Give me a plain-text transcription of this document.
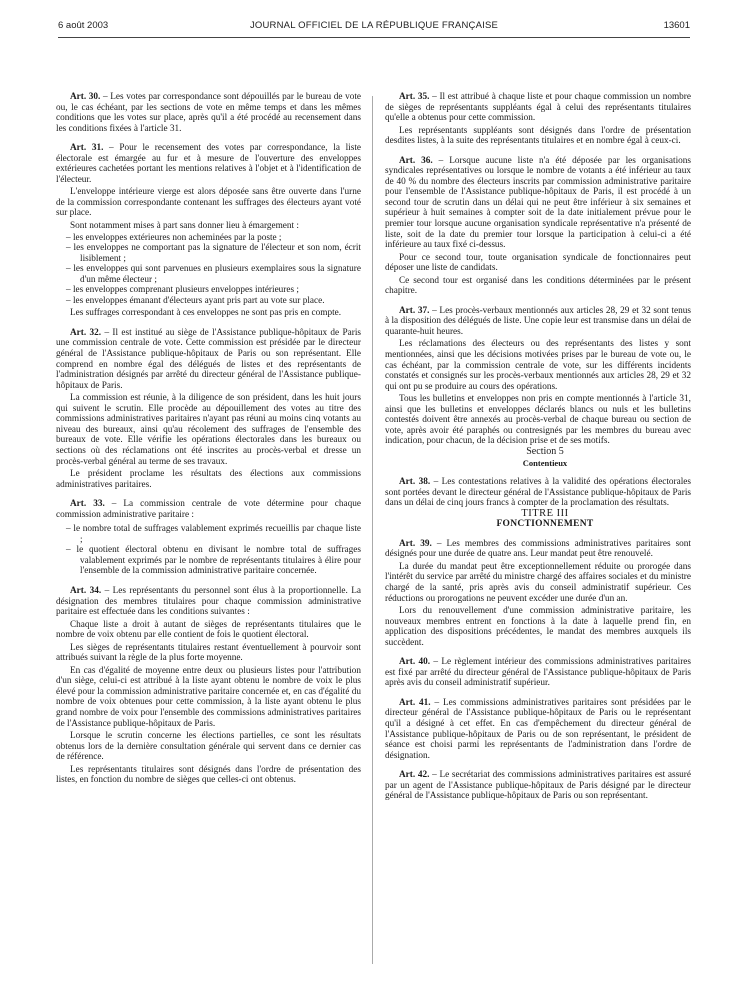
6 août 2003	JOURNAL OFFICIEL DE LA RÉPUBLIQUE FRANÇAISE	13601

Art. 30. – Les votes par correspondance sont dépouillés par le bureau de vote ou, le cas échéant, par les sections de vote en même temps et dans les mêmes conditions que les votes sur place, après qu'il a été procédé au recensement dans les conditions fixées à l'article 31.

Art. 31. – Pour le recensement des votes par correspondance, la liste électorale est émargée au fur et à mesure de l'ouverture des enveloppes extérieures cachetées portant les mentions relatives à l'objet et à l'identification de l'électeur.

L'enveloppe intérieure vierge est alors déposée sans être ouverte dans l'urne de la commission correspondante contenant les suffrages des électeurs ayant voté sur place.

Sont notamment mises à part sans donner lieu à émargement :

– les enveloppes extérieures non acheminées par la poste ;
– les enveloppes ne comportant pas la signature de l'électeur et son nom, écrit lisiblement ;
– les enveloppes qui sont parvenues en plusieurs exemplaires sous la signature d'un même électeur ;
– les enveloppes comprenant plusieurs enveloppes intérieures ;
– les enveloppes émanant d'électeurs ayant pris part au vote sur place.

Les suffrages correspondant à ces enveloppes ne sont pas pris en compte.

Art. 32. – Il est institué au siège de l'Assistance publique-hôpitaux de Paris une commission centrale de vote. Cette commission est présidée par le directeur général de l'Assistance publique-hôpitaux de Paris ou son représentant. Elle comprend en nombre égal des délégués de listes et des représentants de l'administration désignés par arrêté du directeur général de l'Assistance publique-hôpitaux de Paris.

La commission est réunie, à la diligence de son président, dans les huit jours qui suivent le scrutin. Elle procède au dépouillement des votes au titre des commissions administratives paritaires n'ayant pas réuni au moins cinq votants au niveau des bureaux, ainsi qu'au récolement des suffrages de l'ensemble des bureaux de vote. Elle vérifie les opérations électorales dans les bureaux ou sections où des réclamations ont été inscrites au procès-verbal et dresse un procès-verbal général au terme de ses travaux.

Le président proclame les résultats des élections aux commissions administratives paritaires.

Art. 33. – La commission centrale de vote détermine pour chaque commission administrative paritaire :

– le nombre total de suffrages valablement exprimés recueillis par chaque liste ;
– le quotient électoral obtenu en divisant le nombre total de suffrages valablement exprimés par le nombre de représentants titulaires à élire pour l'ensemble de la commission administrative paritaire concernée.

Art. 34. – Les représentants du personnel sont élus à la proportionnelle. La désignation des membres titulaires pour chaque commission administrative paritaire est effectuée dans les conditions suivantes :

Chaque liste a droit à autant de sièges de représentants titulaires que le nombre de voix obtenu par elle contient de fois le quotient électoral.

Les sièges de représentants titulaires restant éventuellement à pourvoir sont attribués suivant la règle de la plus forte moyenne.

En cas d'égalité de moyenne entre deux ou plusieurs listes pour l'attribution d'un siège, celui-ci est attribué à la liste ayant obtenu le nombre de voix le plus élevé pour la commission administrative paritaire concernée et, en cas d'égalité du nombre de voix obtenues pour cette commission, à la liste ayant obtenu le plus grand nombre de voix pour l'ensemble des commissions administratives paritaires de l'Assistance publique-hôpitaux de Paris.

Lorsque le scrutin concerne les élections partielles, ce sont les résultats obtenus lors de la dernière consultation générale qui servent dans ce dernier cas de référence.

Les représentants titulaires sont désignés dans l'ordre de présentation des listes, en fonction du nombre de sièges que celles-ci ont obtenus.

Art. 35. – Il est attribué à chaque liste et pour chaque commission un nombre de sièges de représentants suppléants égal à celui des représentants titulaires qu'elle a obtenus pour cette commission.

Les représentants suppléants sont désignés dans l'ordre de présentation desdites listes, à la suite des représentants titulaires et en nombre égal à ceux-ci.

Art. 36. – Lorsque aucune liste n'a été déposée par les organisations syndicales représentatives ou lorsque le nombre de votants a été inférieur au taux de 40 % du nombre des électeurs inscrits par commission administrative paritaire pour l'ensemble de l'Assistance publique-hôpitaux de Paris, il est procédé à un second tour de scrutin dans un délai qui ne peut être inférieur à six semaines et supérieur à huit semaines à compter soit de la date initialement prévue pour le premier tour lorsque aucune organisation syndicale représentative n'a présenté de liste, soit de la date du premier tour lorsque la participation à celui-ci a été inférieure au taux fixé ci-dessus.

Pour ce second tour, toute organisation syndicale de fonctionnaires peut déposer une liste de candidats.

Ce second tour est organisé dans les conditions déterminées par le présent chapitre.

Art. 37. – Les procès-verbaux mentionnés aux articles 28, 29 et 32 sont tenus à la disposition des délégués de liste. Une copie leur est transmise dans un délai de quarante-huit heures.

Les réclamations des électeurs ou des représentants des listes y sont mentionnées, ainsi que les décisions motivées prises par le bureau de vote ou, le cas échéant, par la commission centrale de vote, sur les différents incidents constatés et consignés sur les procès-verbaux mentionnés aux articles 28, 29 et 32 qui ont pu se produire au cours des opérations.

Tous les bulletins et enveloppes non pris en compte mentionnés à l'article 31, ainsi que les bulletins et enveloppes déclarés blancs ou nuls et les bulletins contestés doivent être annexés au procès-verbal de chaque bureau ou section de vote, après avoir été paraphés ou contresignés par les membres du bureau avec indication, pour chacun, de la décision prise et de ses motifs.

Section 5

Contentieux

Art. 38. – Les contestations relatives à la validité des opérations électorales sont portées devant le directeur général de l'Assistance publique-hôpitaux de Paris dans un délai de cinq jours francs à compter de la proclamation des résultats.

TITRE III

FONCTIONNEMENT

Art. 39. – Les membres des commissions administratives paritaires sont désignés pour une durée de quatre ans. Leur mandat peut être renouvelé.

La durée du mandat peut être exceptionnellement réduite ou prorogée dans l'intérêt du service par arrêté du ministre chargé des affaires sociales et du ministre chargé de la santé, pris après avis du conseil administratif supérieur. Ces réductions ou prorogations ne peuvent excéder une durée d'un an.

Lors du renouvellement d'une commission administrative paritaire, les nouveaux membres entrent en fonctions à la date à laquelle prend fin, en application des dispositions précédentes, le mandat des membres auxquels ils succèdent.

Art. 40. – Le règlement intérieur des commissions administratives paritaires est fixé par arrêté du directeur général de l'Assistance publique-hôpitaux de Paris après avis du conseil administratif supérieur.

Art. 41. – Les commissions administratives paritaires sont présidées par le directeur général de l'Assistance publique-hôpitaux de Paris ou le représentant qu'il a désigné à cet effet. En cas d'empêchement du directeur général de l'Assistance publique-hôpitaux de Paris ou de son représentant, le président de séance est choisi parmi les représentants de l'administration dans l'ordre de désignation.

Art. 42. – Le secrétariat des commissions administratives paritaires est assuré par un agent de l'Assistance publique-hôpitaux de Paris désigné par le directeur général de l'Assistance publique-hôpitaux de Paris ou son représentant.
